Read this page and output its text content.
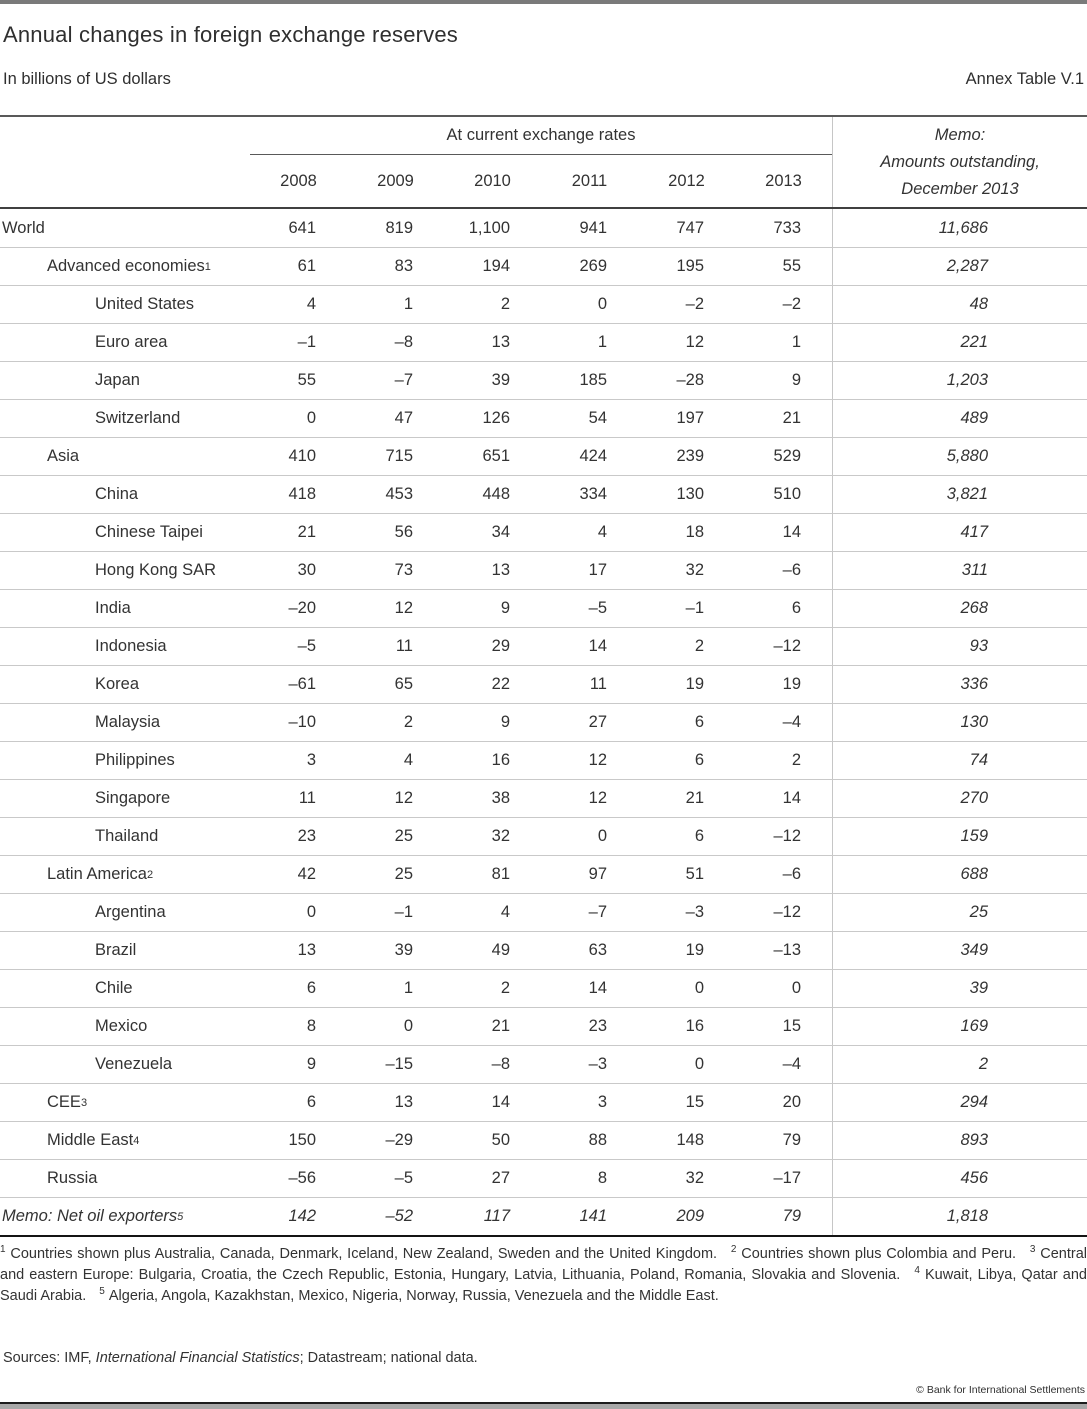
Annual changes in foreign exchange reserves
In billions of US dollars	Annex Table V.1
At current exchange rates
2008	2009	2010	2011	2012	2013
Memo:
Amounts outstanding,
December 2013
World	641	819	1,100	941	747	733	11,686
Advanced economies 1	61	83	194	269	195	55	2,287
United States	4	1	2	0	–2	–2	48
Euro area	–1	–8	13	1	12	1	221
Japan	55	–7	39	185	–28	9	1,203
Switzerland	0	47	126	54	197	21	489
Asia	410	715	651	424	239	529	5,880
China	418	453	448	334	130	510	3,821
Chinese Taipei	21	56	34	4	18	14	417
Hong Kong SAR	30	73	13	17	32	–6	311
India	–20	12	9	–5	–1	6	268
Indonesia	–5	11	29	14	2	–12	93
Korea	–61	65	22	11	19	19	336
Malaysia	–10	2	9	27	6	–4	130
Philippines	3	4	16	12	6	2	74
Singapore	11	12	38	12	21	14	270
Thailand	23	25	32	0	6	–12	159
Latin America 2	42	25	81	97	51	–6	688
Argentina	0	–1	4	–7	–3	–12	25
Brazil	13	39	49	63	19	–13	349
Chile	6	1	2	14	0	0	39
Mexico	8	0	21	23	16	15	169
Venezuela	9	–15	–8	–3	0	–4	2
CEE 3	6	13	14	3	15	20	294
Middle East 4	150	–29	50	88	148	79	893
Russia	–56	–5	27	8	32	–17	456
Memo: Net oil exporters 5	142	–52	117	141	209	79	1,818

$^1$ Countries shown plus Australia, Canada, Denmark, Iceland, New Zealand, Sweden and the United Kingdom. $^2$ Countries shown plus Colombia and Peru. $^3$ Central and eastern Europe: Bulgaria, Croatia, the Czech Republic, Estonia, Hungary, Latvia, Lithuania, Poland, Romania, Slovakia and Slovenia. $^4$ Kuwait, Libya, Qatar and Saudi Arabia. $^5$ Algeria, Angola, Kazakhstan, Mexico, Nigeria, Norway, Russia, Venezuela and the Middle East.

Sources: IMF, International Financial Statistics; Datastream; national data.

© Bank for International Settlements
